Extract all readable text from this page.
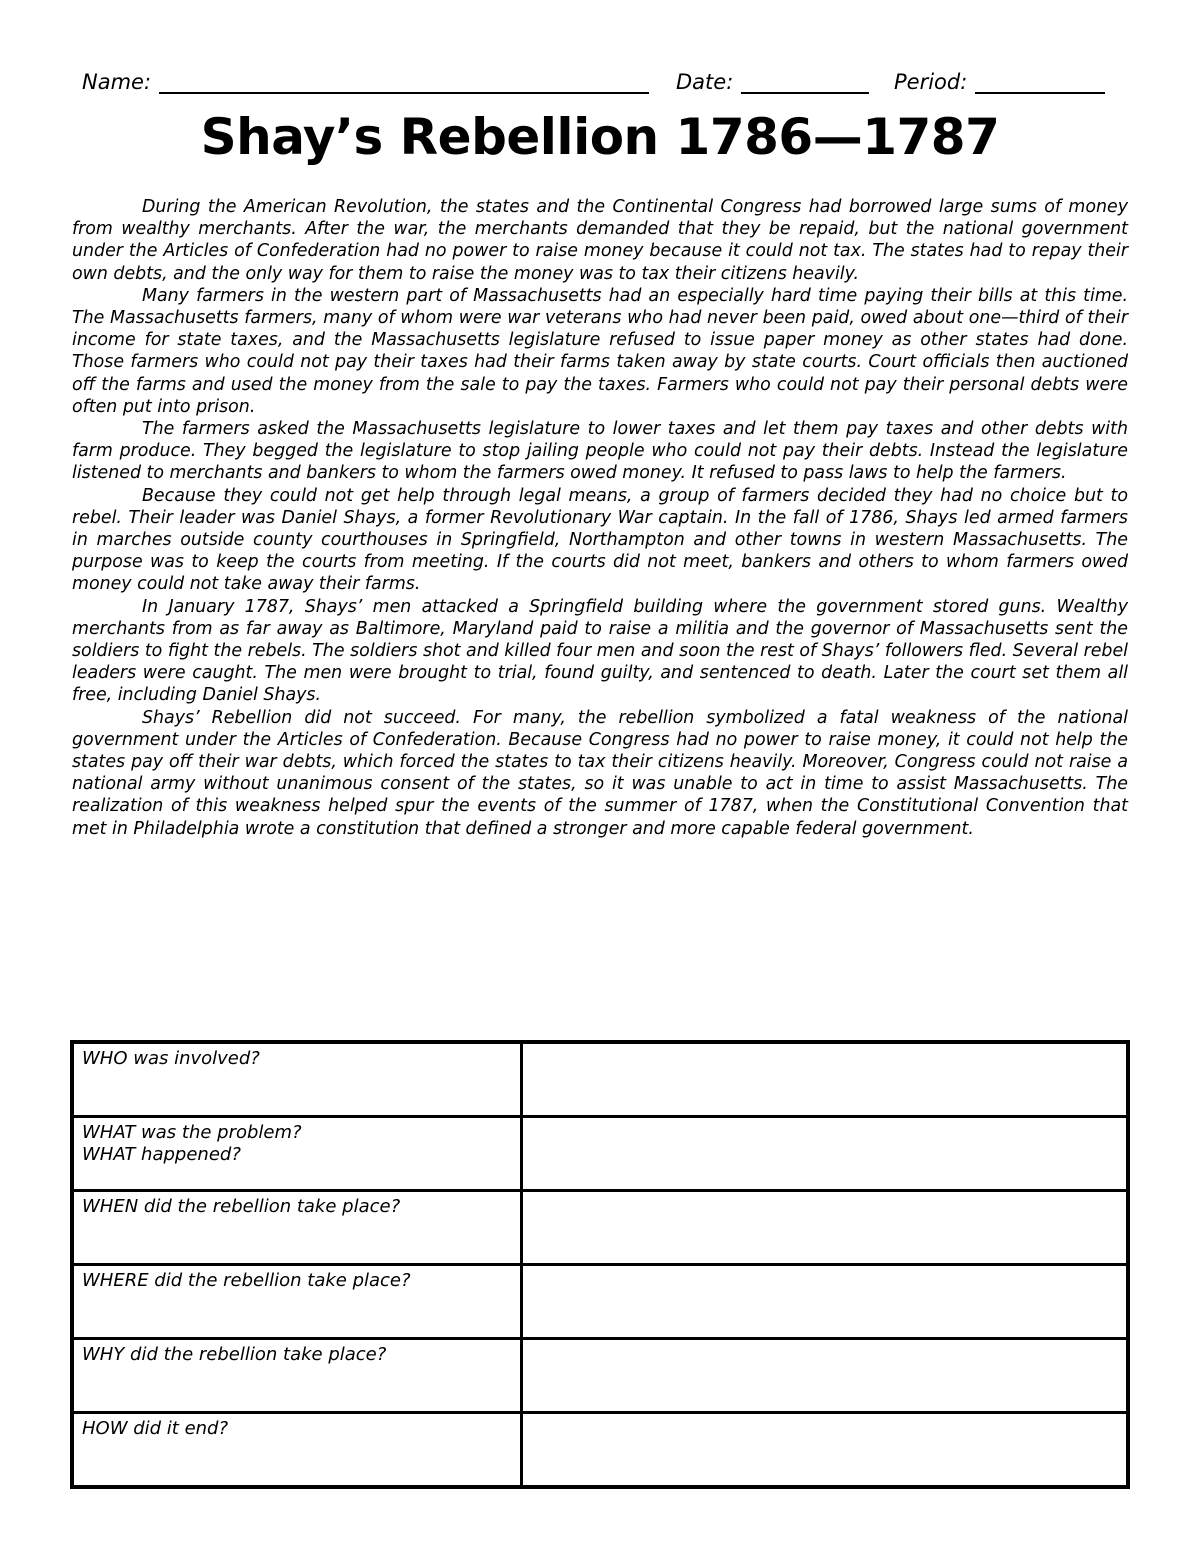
Name:	Date:	Period:
Shay’s Rebellion 1786—1787

During the American Revolution, the states and the Continental Congress had borrowed large sums of money from wealthy merchants. After the war, the merchants demanded that they be repaid, but the national government under the Articles of Confederation had no power to raise money because it could not tax. The states had to repay their own debts, and the only way for them to raise the money was to tax their citizens heavily.

Many farmers in the western part of Massachusetts had an especially hard time paying their bills at this time. The Massachusetts farmers, many of whom were war veterans who had never been paid, owed about one—third of their income for state taxes, and the Massachusetts legislature refused to issue paper money as other states had done. Those farmers who could not pay their taxes had their farms taken away by state courts. Court officials then auctioned off the farms and used the money from the sale to pay the taxes. Farmers who could not pay their personal debts were often put into prison.

The farmers asked the Massachusetts legislature to lower taxes and let them pay taxes and other debts with farm produce. They begged the legislature to stop jailing people who could not pay their debts. Instead the legislature listened to merchants and bankers to whom the farmers owed money. It refused to pass laws to help the farmers.

Because they could not get help through legal means, a group of farmers decided they had no choice but to rebel. Their leader was Daniel Shays, a former Revolutionary War captain. In the fall of 1786, Shays led armed farmers in marches outside county courthouses in Springfield, Northampton and other towns in western Massachusetts. The purpose was to keep the courts from meeting. If the courts did not meet, bankers and others to whom farmers owed money could not take away their farms.

In January 1787, Shays’ men attacked a Springfield building where the government stored guns. Wealthy merchants from as far away as Baltimore, Maryland paid to raise a militia and the governor of Massachusetts sent the soldiers to fight the rebels. The soldiers shot and killed four men and soon the rest of Shays’ followers fled. Several rebel leaders were caught. The men were brought to trial, found guilty, and sentenced to death. Later the court set them all free, including Daniel Shays.

Shays’ Rebellion did not succeed. For many, the rebellion symbolized a fatal weakness of the national government under the Articles of Confederation. Because Congress had no power to raise money, it could not help the states pay off their war debts, which forced the states to tax their citizens heavily. Moreover, Congress could not raise a national army without unanimous consent of the states, so it was unable to act in time to assist Massachusetts. The realization of this weakness helped spur the events of the summer of 1787, when the Constitutional Convention that met in Philadelphia wrote a constitution that defined a stronger and more capable federal government.

WHO was involved?	

WHAT was the problem?
WHAT happened?	

WHEN did the rebellion take place?	

WHERE did the rebellion take place?	

WHY did the rebellion take place?	

HOW did it end?	
